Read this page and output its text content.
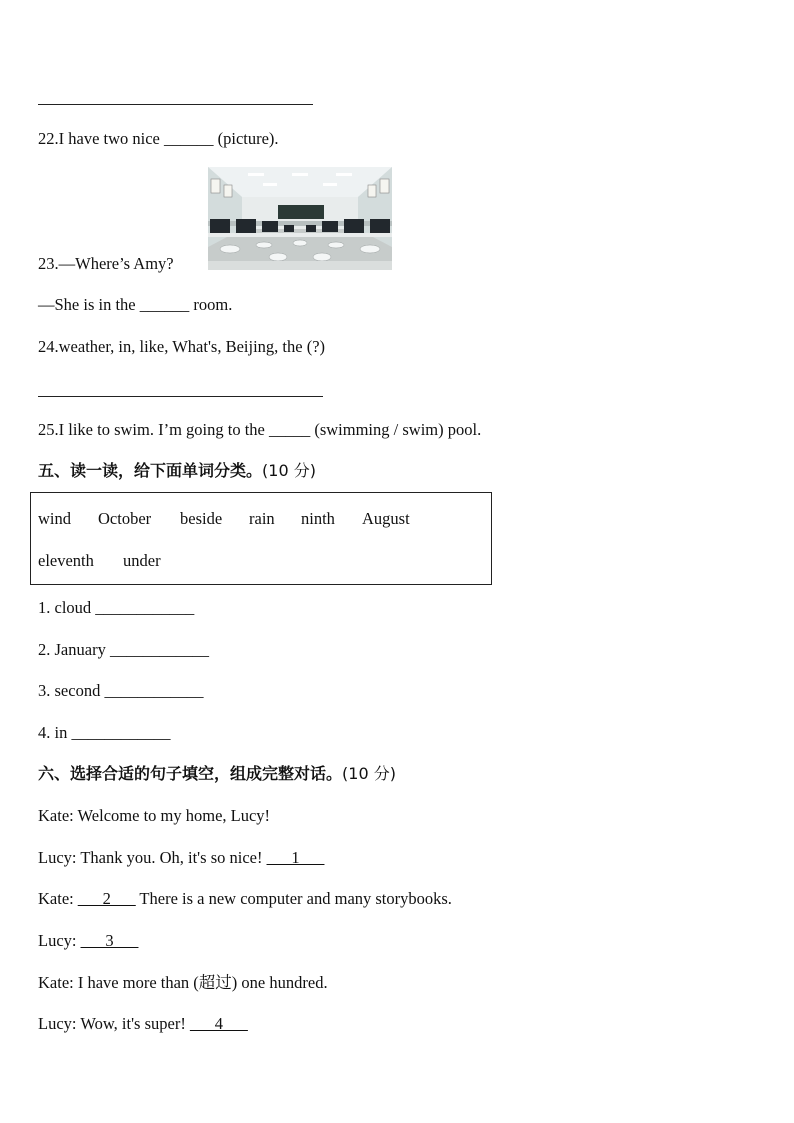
22.I have two nice ______ (picture).
23.—Where’s Amy?
—She is in the ______ room.
24.weather, in, like, What's, Beijing, the (?)
25.I like to swim. I’m going to the _____ (swimming / swim) pool.
五、读一读，给下面单词分类。(10 分)
wind October beside rain ninth August
eleventh under
1. cloud ____________
2. January ____________
3. second ____________
4. in ____________
六、选择合适的句子填空，组成完整对话。(10 分)
Kate: Welcome to my home, Lucy!
Lucy: Thank you. Oh, it's so nice! ___1___
Kate: ___2___ There is a new computer and many storybooks.
Lucy: ___3___
Kate: I have more than (超过) one hundred.
Lucy: Wow, it's super! ___4___
